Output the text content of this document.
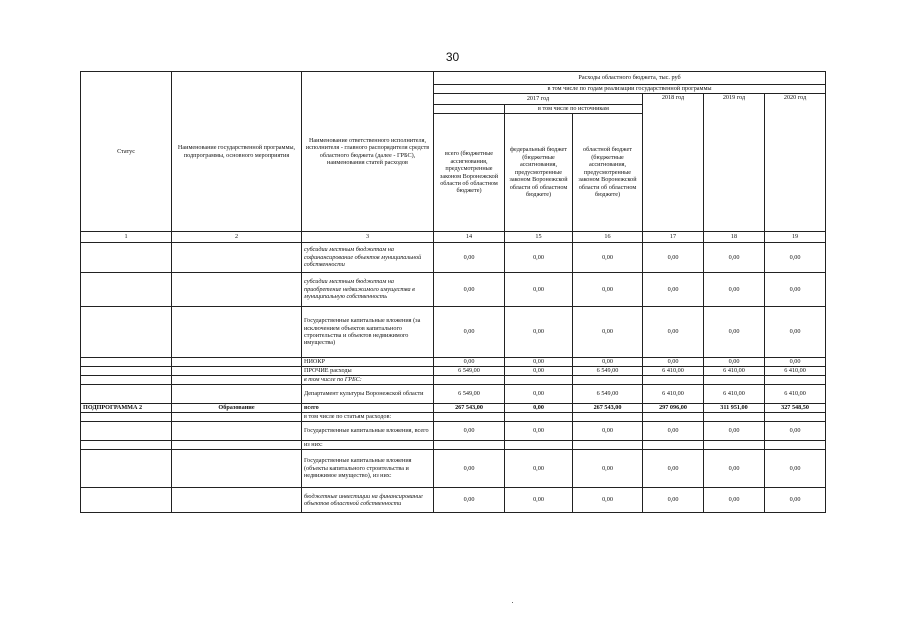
30
Статус	Наименование государственной программы, подпрограммы, основного мероприятия	Наименование ответственного исполнителя, исполнителя - главного распорядителя средств областного бюджета (далее - ГРБС), наименования статей расходов	Расходы областного бюджета, тыс. руб					
			в том числе по годам реализации государственной программы					
			2017 год			2018 год	2019 год	2020 год
				в том числе по источникам				
			всего (бюджетные ассигнования, предусмотренные законом Воронежской области об областном бюджете)	федеральный бюджет (бюджетные ассигнования, предусмотренные законом Воронежской области об областном бюджете)	областной бюджет (бюджетные ассигнования, предусмотренные законом Воронежской области об областном бюджете)			
1	2	3	14	15	16	17	18	19
		субсидии местным бюджетам на софинансирование объектов муниципальной собственности	0,00	0,00	0,00	0,00	0,00	0,00
		субсидии местным бюджетам на приобретение недвижимого имущества в муниципальную собственность	0,00	0,00	0,00	0,00	0,00	0,00
		Государственные капитальные вложения (за исключением объектов капитального строительства и объектов недвижимого имущества)	0,00	0,00	0,00	0,00	0,00	0,00
		НИОКР	0,00	0,00	0,00	0,00	0,00	0,00
		ПРОЧИЕ расходы	6 549,00	0,00	6 549,00	6 410,00	6 410,00	6 410,00
		в том числе по ГРБС:						
		Департамент культуры Воронежской области	6 549,00	0,00	6 549,00	6 410,00	6 410,00	6 410,00
ПОДПРОГРАММА 2	Образование	всего	267 543,00	0,00	267 543,00	297 096,00	311 951,00	327 548,50
		в том числе по статьям расходов:						
		Государственные капитальные вложения, всего	0,00	0,00	0,00	0,00	0,00	0,00
		из них:						
		Государственные капитальные вложения (объекты капитального строительства и недвижимое имущество), из них:	0,00	0,00	0,00	0,00	0,00	0,00
		бюджетные инвестиции на финансирование объектов областной собственности	0,00	0,00	0,00	0,00	0,00	0,00
